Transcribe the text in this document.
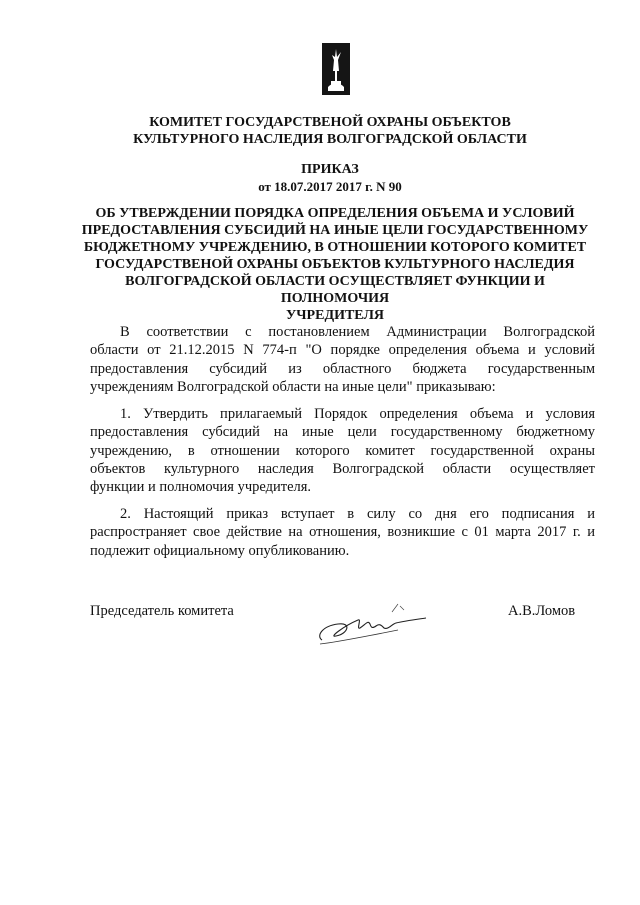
КОМИТЕТ ГОСУДАРСТВЕНОЙ ОХРАНЫ ОБЪЕКТОВ
КУЛЬТУРНОГО НАСЛЕДИЯ ВОЛГОГРАДСКОЙ ОБЛАСТИ
ПРИКАЗ
от 18.07.2017 2017 г. N 90
ОБ УТВЕРЖДЕНИИ ПОРЯДКА ОПРЕДЕЛЕНИЯ ОБЪЕМА И УСЛОВИЙ
ПРЕДОСТАВЛЕНИЯ СУБСИДИЙ НА ИНЫЕ ЦЕЛИ ГОСУДАРСТВЕННОМУ
БЮДЖЕТНОМУ УЧРЕЖДЕНИЮ, В ОТНОШЕНИИ КОТОРОГО КОМИТЕТ
ГОСУДАРСТВЕНОЙ ОХРАНЫ ОБЪЕКТОВ КУЛЬТУРНОГО НАСЛЕДИЯ
ВОЛГОГРАДСКОЙ ОБЛАСТИ ОСУЩЕСТВЛЯЕТ ФУНКЦИИ И ПОЛНОМОЧИЯ
УЧРЕДИТЕЛЯ
В соответствии с постановлением Администрации Волгоградской
области от 21.12.2015 N 774-п "О порядке определения объема и условий
предоставления субсидий из областного бюджета государственным
учреждениям Волгоградской области на иные цели" приказываю:
1. Утвердить прилагаемый Порядок определения объема и условия
предоставления субсидий на иные цели государственному бюджетному
учреждению, в отношении которого комитет государственной охраны
объектов культурного наследия Волгоградской области осуществляет
функции и полномочия учредителя.
2. Настоящий приказ вступает в силу со дня его подписания и
распространяет свое действие на отношения, возникшие с 01 марта 2017 г. и
подлежит официальному опубликованию.
Председатель комитета	А.В.Ломов
